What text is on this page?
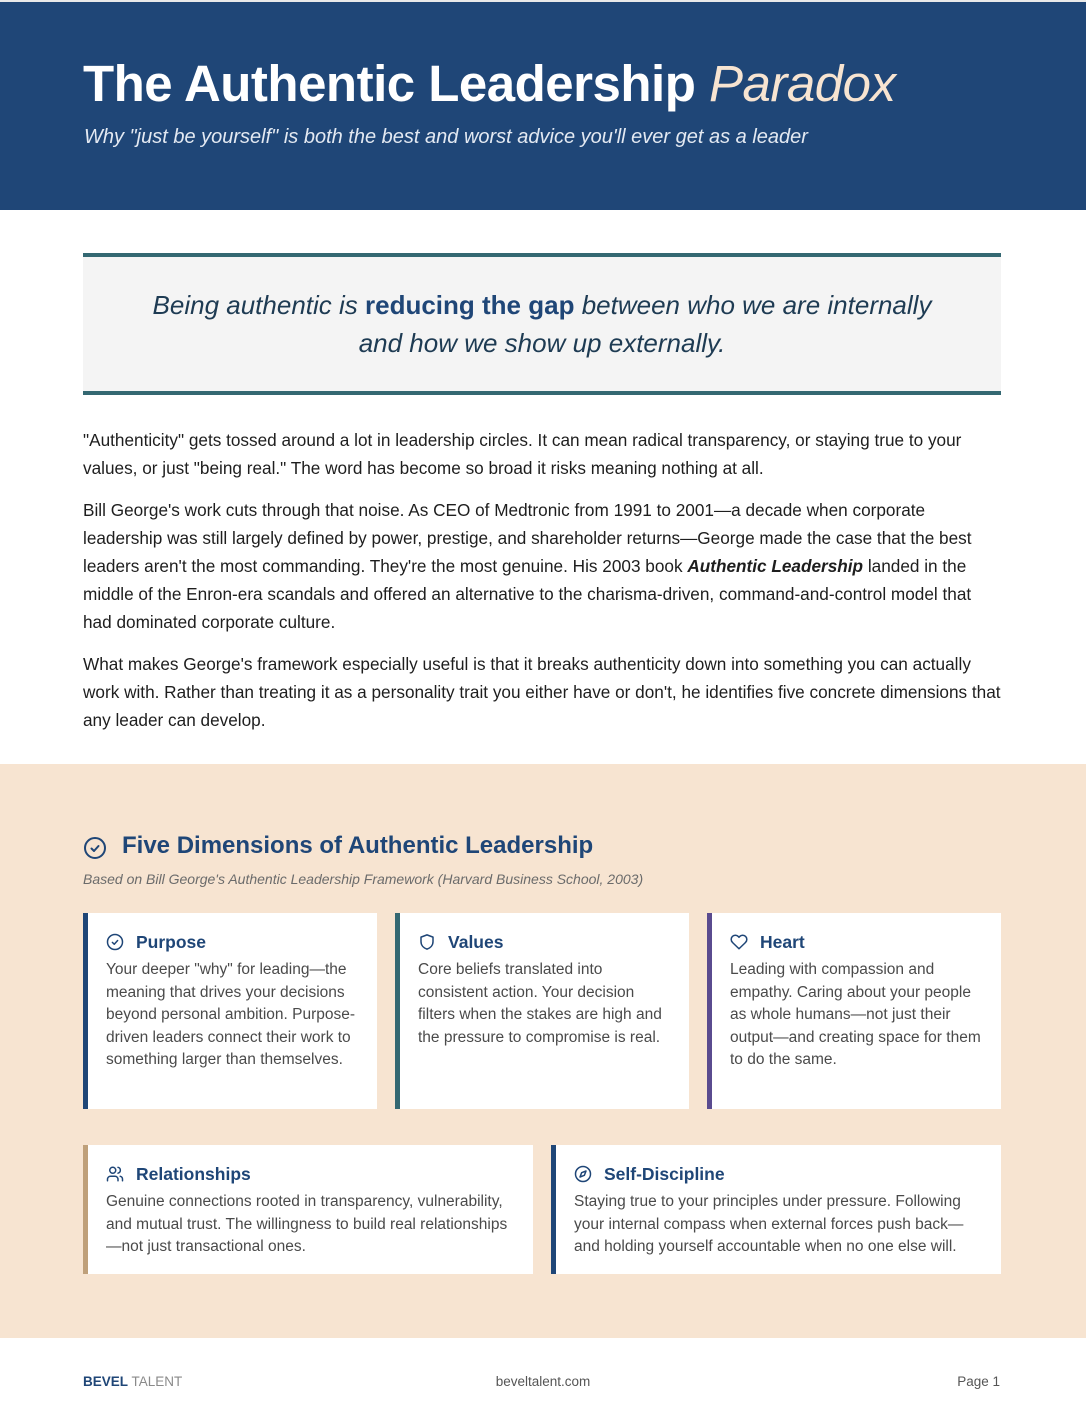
The Authentic Leadership Paradox
Why "just be yourself" is both the best and worst advice you'll ever get as a leader

Being authentic is reducing the gap between who we are internally and how we show up externally.

"Authenticity" gets tossed around a lot in leadership circles. It can mean radical transparency, or staying true to your values, or just "being real." The word has become so broad it risks meaning nothing at all.

Bill George's work cuts through that noise. As CEO of Medtronic from 1991 to 2001—a decade when corporate leadership was still largely defined by power, prestige, and shareholder returns—George made the case that the best leaders aren't the most commanding. They're the most genuine. His 2003 book Authentic Leadership landed in the middle of the Enron-era scandals and offered an alternative to the charisma-driven, command-and-control model that had dominated corporate culture.

What makes George's framework especially useful is that it breaks authenticity down into something you can actually work with. Rather than treating it as a personality trait you either have or don't, he identifies five concrete dimensions that any leader can develop.

Five Dimensions of Authentic Leadership
Based on Bill George's Authentic Leadership Framework (Harvard Business School, 2003)
Purpose
Your deeper "why" for leading—the meaning that drives your decisions beyond personal ambition. Purpose-driven leaders connect their work to something larger than themselves.
Values
Core beliefs translated into consistent action. Your decision filters when the stakes are high and the pressure to compromise is real.
Heart
Leading with compassion and empathy. Caring about your people as whole humans—not just their output—and creating space for them to do the same.
Relationships
Genuine connections rooted in transparency, vulnerability, and mutual trust. The willingness to build real relationships—not just transactional ones.
Self-Discipline
Staying true to your principles under pressure. Following your internal compass when external forces push back—and holding yourself accountable when no one else will.
BEVEL TALENT	beveltalent.com	Page 1
